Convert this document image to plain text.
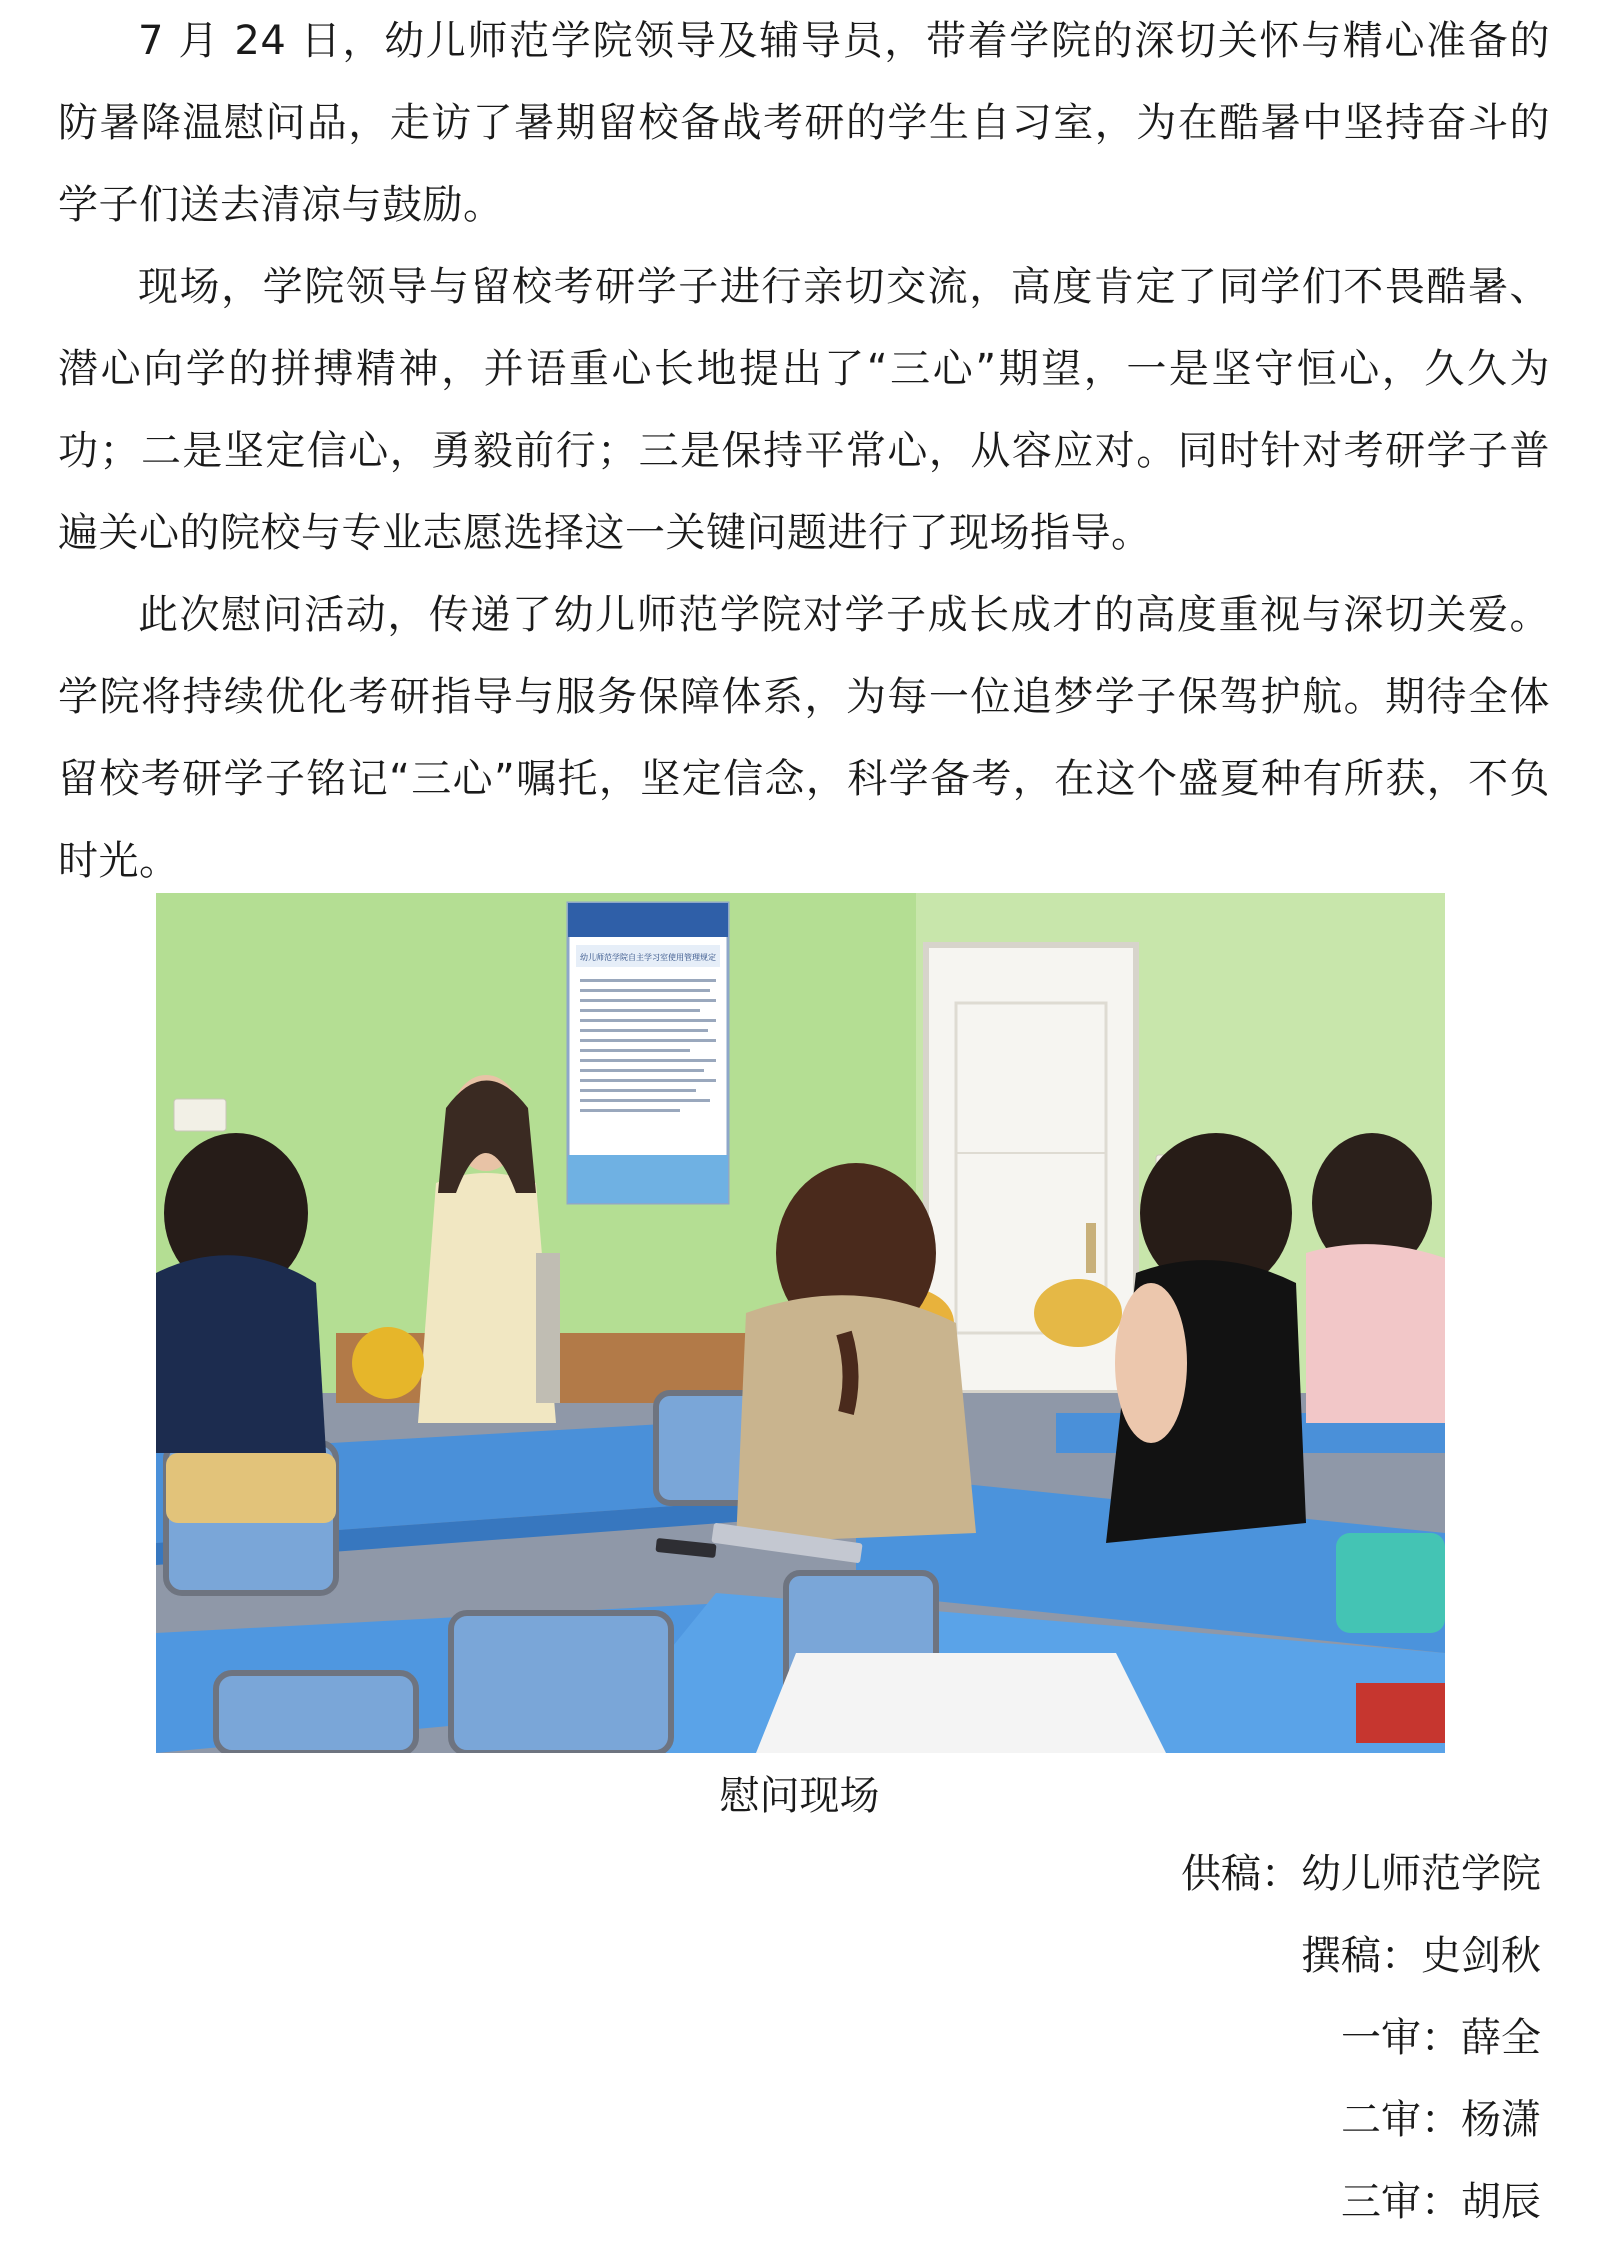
7 月 24 日，幼儿师范学院领导及辅导员，带着学院的深切关怀与精心准备的防暑降温慰问品，走访了暑期留校备战考研的学生自习室，为在酷暑中坚持奋斗的学子们送去清凉与鼓励。

现场，学院领导与留校考研学子进行亲切交流，高度肯定了同学们不畏酷暑、潜心向学的拼搏精神，并语重心长地提出了“三心”期望，一是坚守恒心，久久为功；二是坚定信心，勇毅前行；三是保持平常心，从容应对。同时针对考研学子普遍关心的院校与专业志愿选择这一关键问题进行了现场指导。

此次慰问活动，传递了幼儿师范学院对学子成长成才的高度重视与深切关爱。学院将持续优化考研指导与服务保障体系，为每一位追梦学子保驾护航。期待全体留校考研学子铭记“三心”嘱托，坚定信念，科学备考，在这个盛夏种有所获，不负时光。

幼儿师范学院自主学习室使用管理规定
慰问现场
供稿：幼儿师范学院
撰稿：史剑秋
一审：薛全
二审：杨潇
三审：胡辰
